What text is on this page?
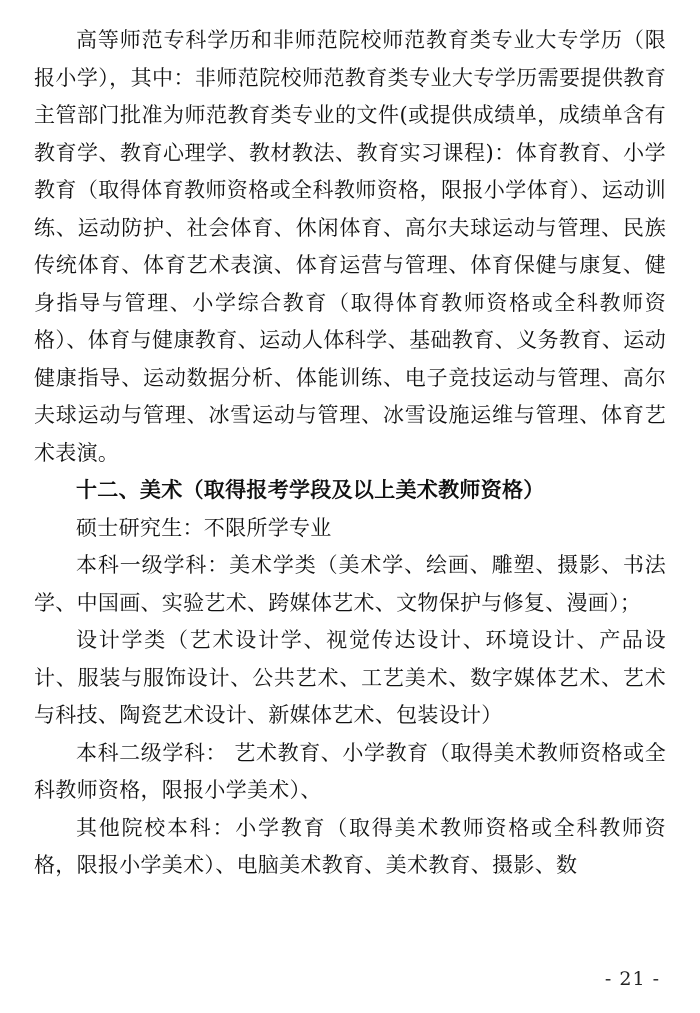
高等师范专科学历和非师范院校师范教育类专业大专学历（限报小学），其中：非师范院校师范教育类专业大专学历需要提供教育主管部门批准为师范教育类专业的文件(或提供成绩单，成绩单含有教育学、教育心理学、教材教法、教育实习课程)：体育教育、小学教育（取得体育教师资格或全科教师资格，限报小学体育）、运动训练、运动防护、社会体育、休闲体育、高尔夫球运动与管理、民族传统体育、体育艺术表演、体育运营与管理、体育保健与康复、健身指导与管理、小学综合教育（取得体育教师资格或全科教师资格）、体育与健康教育、运动人体科学、基础教育、义务教育、运动健康指导、运动数据分析、体能训练、电子竞技运动与管理、高尔夫球运动与管理、冰雪运动与管理、冰雪设施运维与管理、体育艺术表演。

十二、美术（取得报考学段及以上美术教师资格）

硕士研究生：不限所学专业

本科一级学科：美术学类（美术学、绘画、雕塑、摄影、书法学、中国画、实验艺术、跨媒体艺术、文物保护与修复、漫画）；

设计学类（艺术设计学、视觉传达设计、环境设计、产品设计、服装与服饰设计、公共艺术、工艺美术、数字媒体艺术、艺术与科技、陶瓷艺术设计、新媒体艺术、包装设计）

本科二级学科： 艺术教育、小学教育（取得美术教师资格或全科教师资格，限报小学美术）、

其他院校本科：小学教育（取得美术教师资格或全科教师资格，限报小学美术）、电脑美术教育、美术教育、摄影、数

- 21 -
